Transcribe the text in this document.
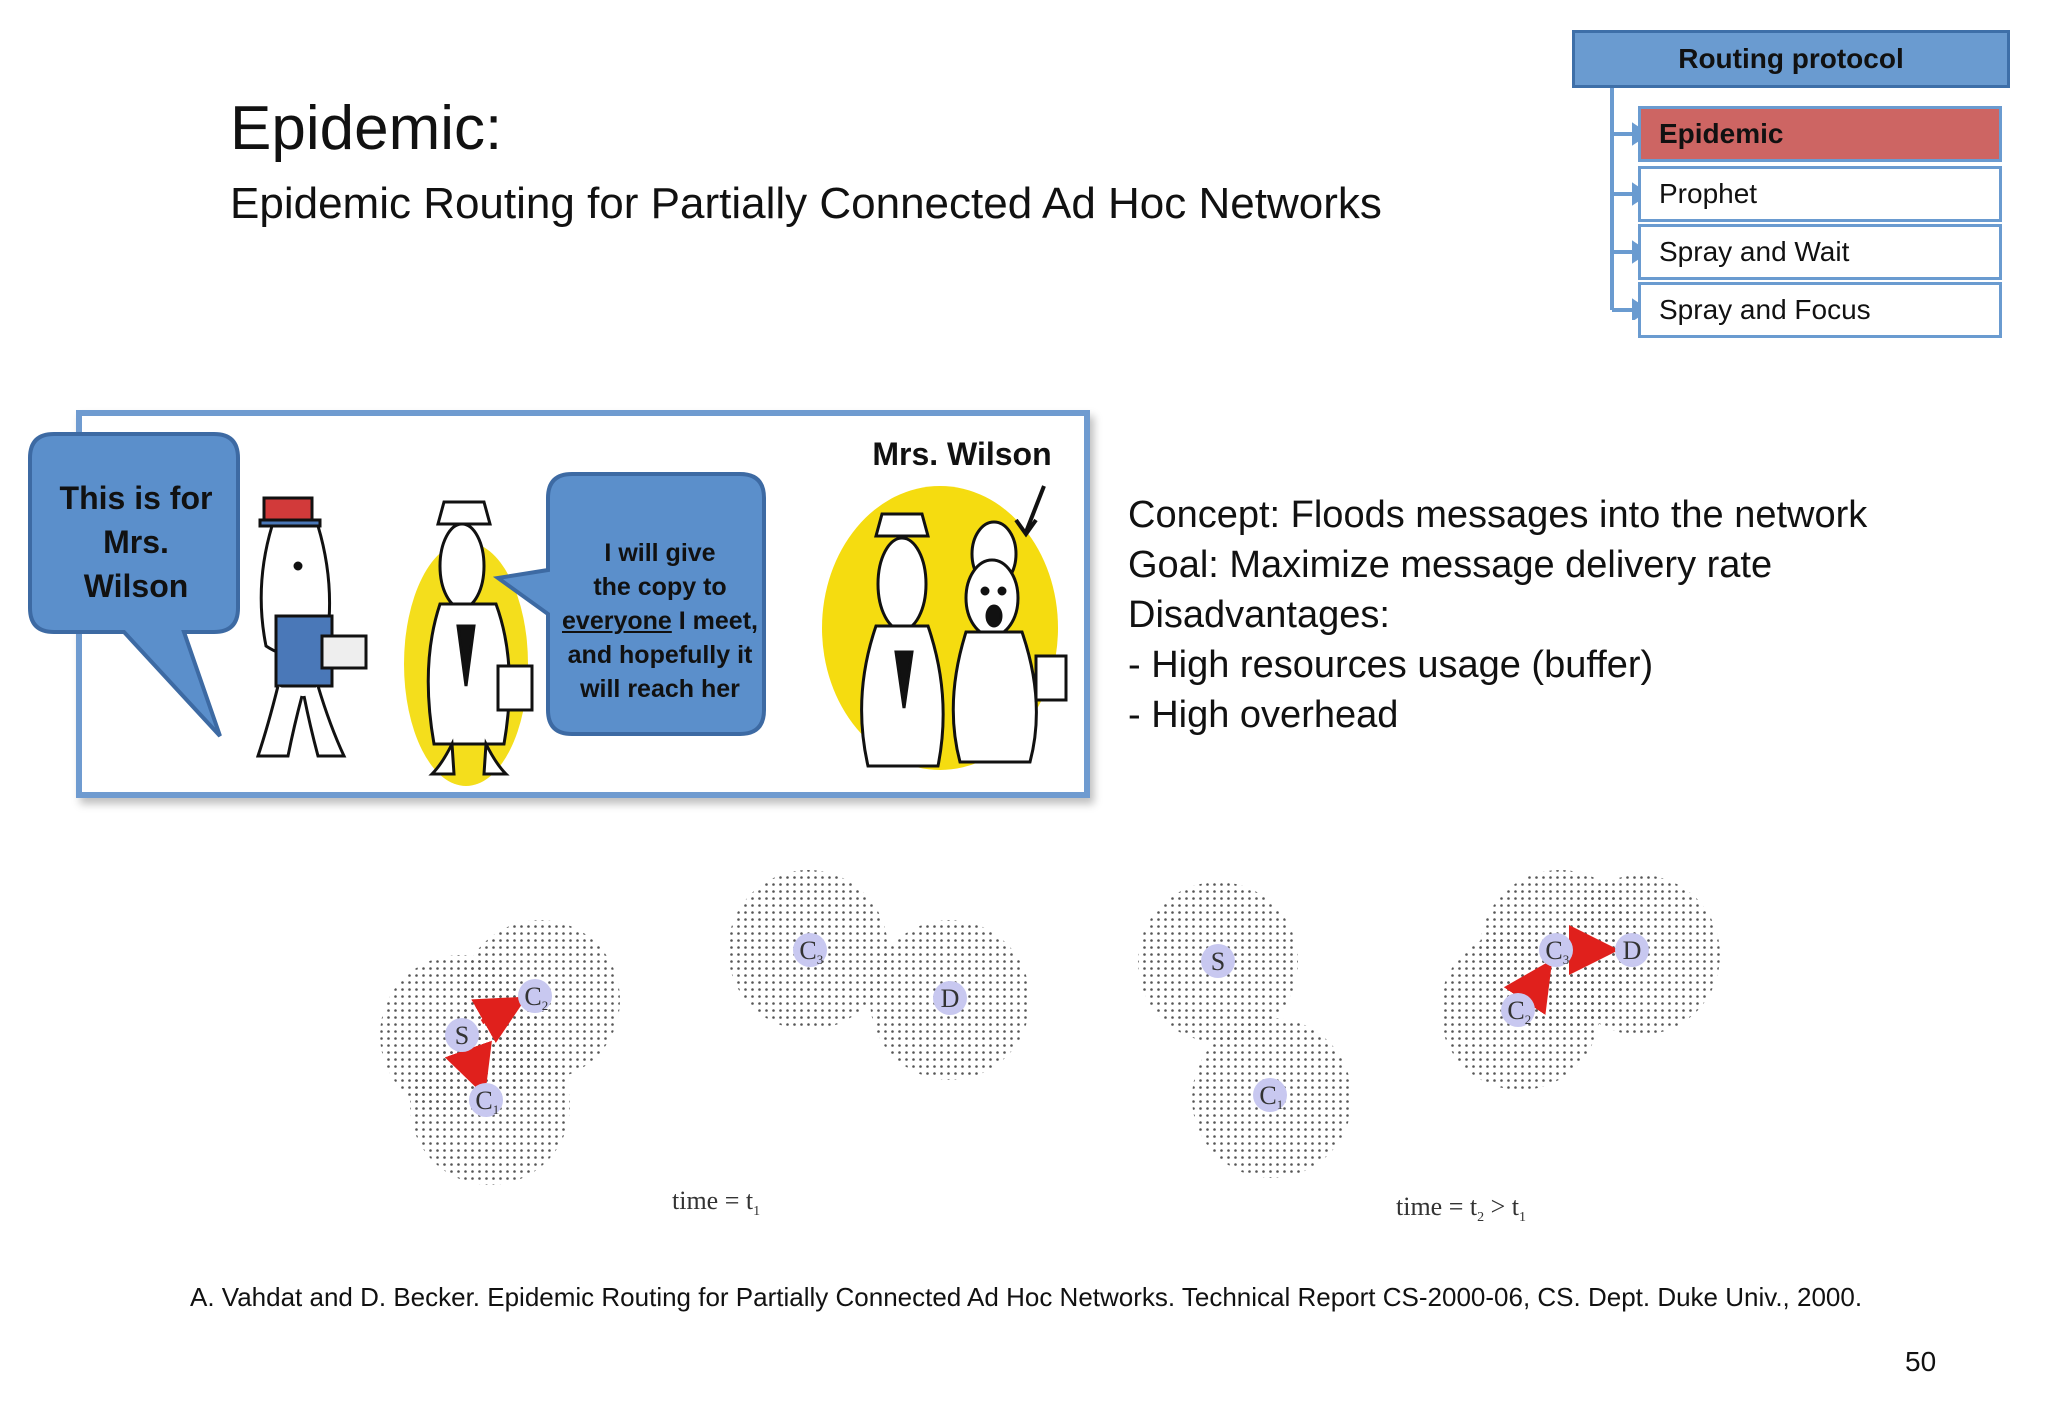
Epidemic:
Epidemic Routing for Partially Connected Ad Hoc Networks
Routing protocol
Epidemic
Prophet
Spray and Wait
Spray and Focus
I will give
the copy to
everyone I meet,
and hopefully it
will reach her
Mrs. Wilson
This is for
Mrs.
Wilson
Concept: Floods messages into the network
Goal: Maximize message delivery rate
Disadvantages:
- High resources usage (buffer)
- High overhead
S
C 2
C 1
C 3
D
S
C 1
C 2
C 3 D
time = $t_1$	time = $t_2 > t_1$
A. Vahdat and D. Becker. Epidemic Routing for Partially Connected Ad Hoc Networks. Technical Report CS-2000-06, CS. Dept. Duke Univ., 2000.
50
